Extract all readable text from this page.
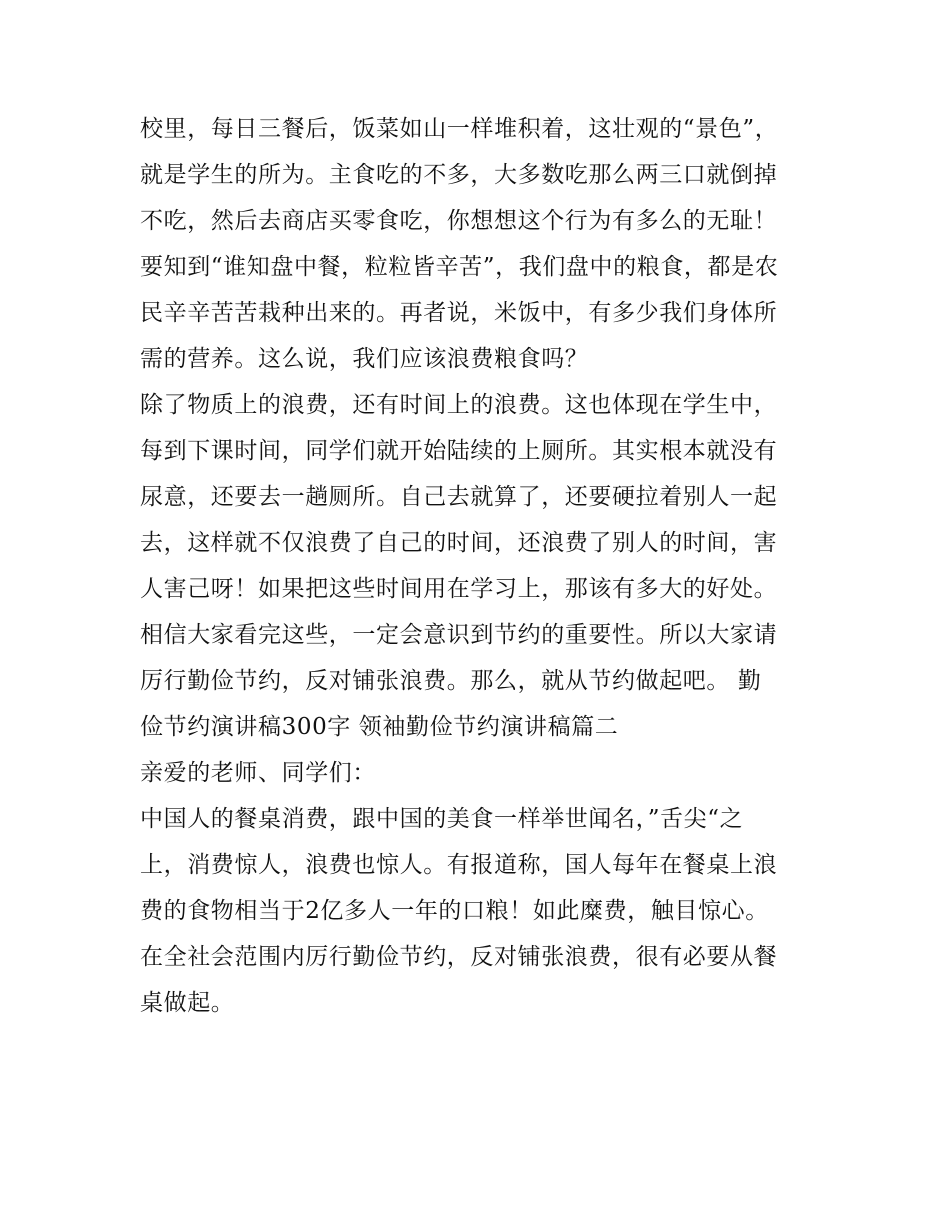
校里，每日三餐后，饭菜如山一样堆积着，这壮观的“景色”，
就是学生的所为。主食吃的不多，大多数吃那么两三口就倒掉
不吃，然后去商店买零食吃，你想想这个行为有多么的无耻！
要知到“谁知盘中餐，粒粒皆辛苦”，我们盘中的粮食，都是农
民辛辛苦苦栽种出来的。再者说，米饭中，有多少我们身体所
需的营养。这么说，我们应该浪费粮食吗？
除了物质上的浪费，还有时间上的浪费。这也体现在学生中，
每到下课时间，同学们就开始陆续的上厕所。其实根本就没有
尿意，还要去一趟厕所。自己去就算了，还要硬拉着别人一起
去，这样就不仅浪费了自己的时间，还浪费了别人的时间，害
人害己呀！如果把这些时间用在学习上，那该有多大的好处。
相信大家看完这些，一定会意识到节约的重要性。所以大家请
厉行勤俭节约，反对铺张浪费。那么，就从节约做起吧。 勤
俭节约演讲稿300字 领袖勤俭节约演讲稿篇二
亲爱的老师、同学们：
中国人的餐桌消费，跟中国的美食一样举世闻名，”舌尖“之
上，消费惊人，浪费也惊人。有报道称，国人每年在餐桌上浪
费的食物相当于2亿多人一年的口粮！如此糜费，触目惊心。
在全社会范围内厉行勤俭节约，反对铺张浪费，很有必要从餐
桌做起。
